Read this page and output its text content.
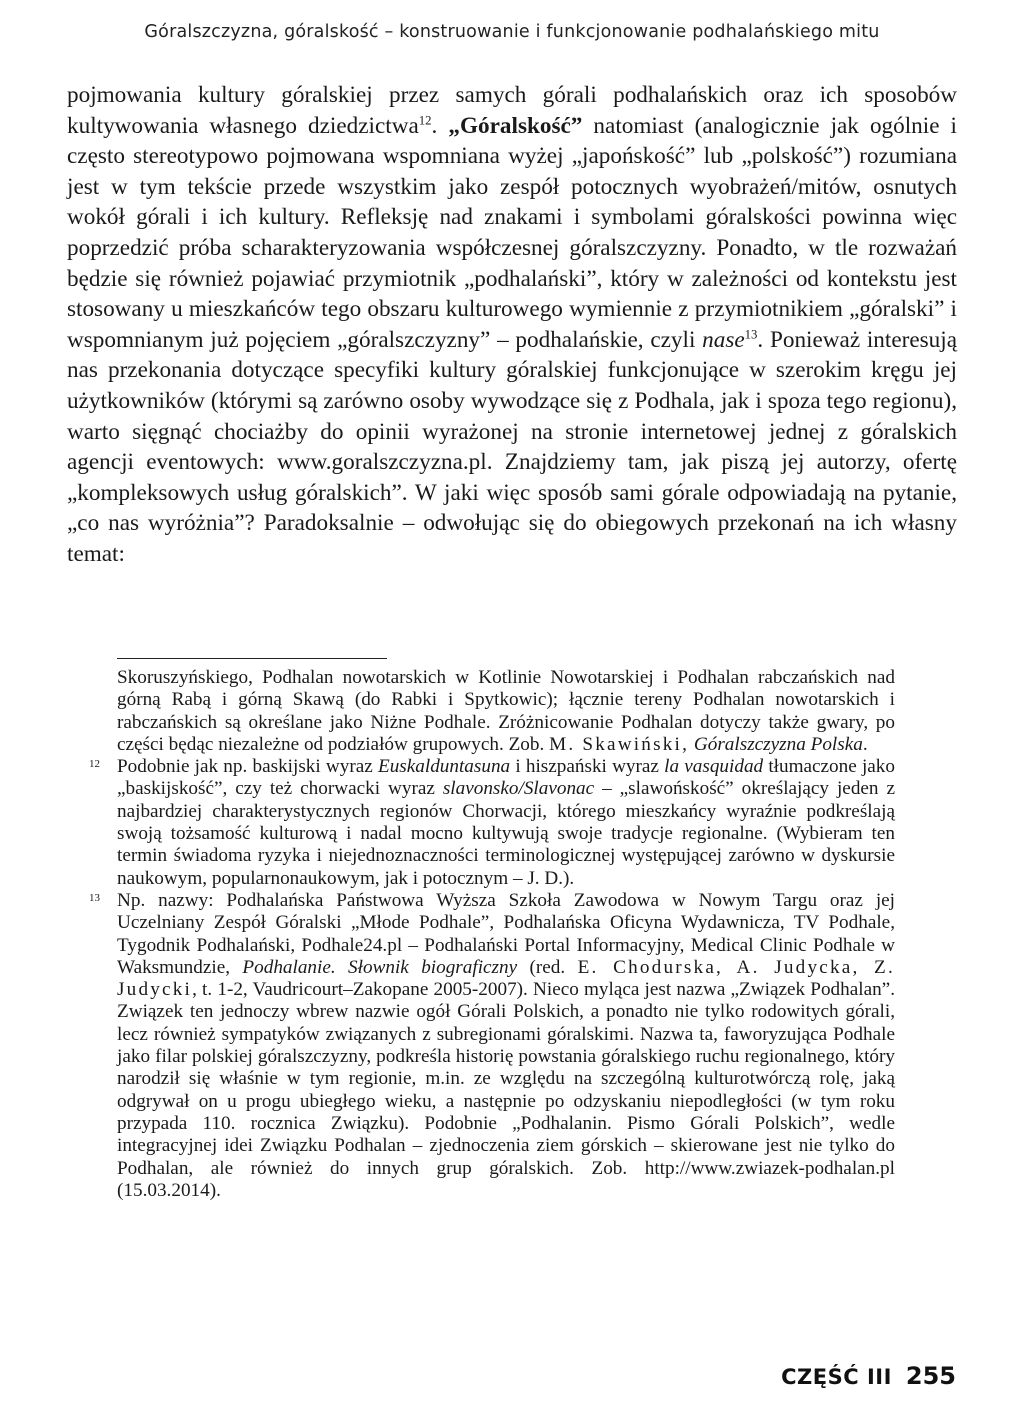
Góralszczyzna, góralskość – konstruowanie i funkcjonowanie podhalańskiego mitu

pojmowania kultury góralskiej przez samych górali podhalańskich oraz ich sposobów kultywowania własnego dziedzictwa$^{12}$. „Góralskość” natomiast (analogicznie jak ogólnie i często stereotypowo pojmowana wspomniana wyżej „japońskość” lub „polskość”) rozumiana jest w tym tekście przede wszystkim jako zespół potocznych wyobrażeń/mitów, osnutych wokół górali i ich kultury. Refleksję nad znakami i symbolami góralskości powinna więc poprzedzić próba scharakteryzowania współczesnej góralszczyzny. Ponadto, w tle rozważań będzie się również pojawiać przymiotnik „podhalański”, który w zależności od kontekstu jest stosowany u mieszkańców tego obszaru kulturowego wymiennie z przymiotnikiem „góralski” i wspomnianym już pojęciem „góralszczyzny” – podhalańskie, czyli nase$^{13}$. Ponieważ interesują nas przekonania dotyczące specyfiki kultury góralskiej funkcjonujące w szerokim kręgu jej użytkowników (którymi są zarówno osoby wywodzące się z Podhala, jak i spoza tego regionu), warto sięgnąć chociażby do opinii wyrażonej na stronie internetowej jednej z góralskich agencji eventowych: www.goralszczyzna.pl. Znajdziemy tam, jak piszą jej autorzy, ofertę „kompleksowych usług góralskich”. W jaki więc sposób sami górale odpowiadają na pytanie, „co nas wyróżnia”? Paradoksalnie – odwołując się do obiegowych przekonań na ich własny temat:

Skoruszyńskiego, Podhalan nowotarskich w Kotlinie Nowotarskiej i Podhalan rabczańskich nad górną Rabą i górną Skawą (do Rabki i Spytkowic); łącznie tereny Podhalan nowotarskich i rabczańskich są określane jako Niżne Podhale. Zróżnicowanie Podhalan dotyczy także gwary, po części będąc niezależne od podziałów grupowych. Zob. M. Skawiński, Góralszczyzna Polska.

12 Podobnie jak np. baskijski wyraz Euskalduntasuna i hiszpański wyraz la vasquidad tłumaczone jako „baskijskość”, czy też chorwacki wyraz slavonsko/Slavonac – „slawońskość” określający jeden z najbardziej charakterystycznych regionów Chorwacji, którego mieszkańcy wyraźnie podkreślają swoją tożsamość kulturową i nadal mocno kultywują swoje tradycje regionalne. (Wybieram ten termin świadoma ryzyka i niejednoznaczności terminologicznej występującej zarówno w dyskursie naukowym, popularnonaukowym, jak i potocznym – J. D.).

13 Np. nazwy: Podhalańska Państwowa Wyższa Szkoła Zawodowa w Nowym Targu oraz jej Uczelniany Zespół Góralski „Młode Podhale”, Podhalańska Oficyna Wydawnicza, TV Podhale, Tygodnik Podhalański, Podhale24.pl – Podhalański Portal Informacyjny, Medical Clinic Podhale w Waksmundzie, Podhalanie. Słownik biograficzny (red. E. Chodurska, A. Judycka, Z. Judycki, t. 1-2, Vaudricourt–Zakopane 2005-2007). Nieco myląca jest nazwa „Związek Podhalan”. Związek ten jednoczy wbrew nazwie ogół Górali Polskich, a ponadto nie tylko rodowitych górali, lecz również sympatyków związanych z subregionami góralskimi. Nazwa ta, faworyzująca Podhale jako filar polskiej góralszczyzny, podkreśla historię powstania góralskiego ruchu regionalnego, który narodził się właśnie w tym regionie, m.in. ze względu na szczególną kulturotwórczą rolę, jaką odgrywał on u progu ubiegłego wieku, a następnie po odzyskaniu niepodległości (w tym roku przypada 110. rocznica Związku). Podobnie „Podhalanin. Pismo Górali Polskich”, wedle integracyjnej idei Związku Podhalan – zjednoczenia ziem górskich – skierowane jest nie tylko do Podhalan, ale również do innych grup góralskich. Zob. http://www.zwiazek-podhalan.pl (15.03.2014).

CZĘŚĆ III 255
